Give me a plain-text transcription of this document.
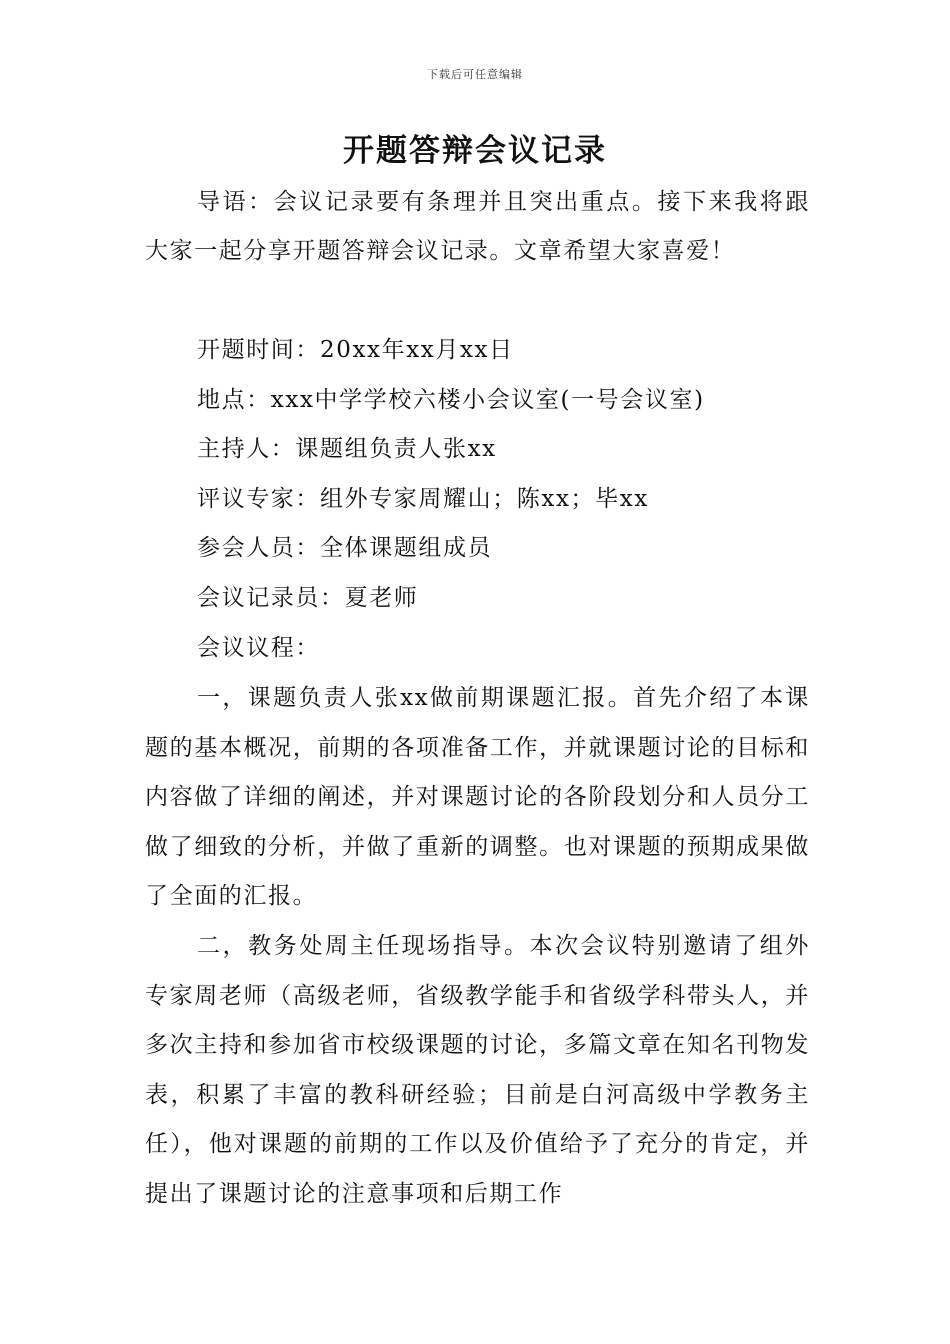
下载后可任意编辑
开题答辩会议记录

导语：会议记录要有条理并且突出重点。接下来我将跟大家一起分享开题答辩会议记录。文章希望大家喜爱！

开题时间：20xx年xx月xx日
地点：xxx中学学校六楼小会议室(一号会议室)
主持人：课题组负责人张xx
评议专家：组外专家周耀山；陈xx；毕xx
参会人员：全体课题组成员
会议记录员：夏老师
会议议程：

一，课题负责人张xx做前期课题汇报。首先介绍了本课题的基本概况，前期的各项准备工作，并就课题讨论的目标和内容做了详细的阐述，并对课题讨论的各阶段划分和人员分工做了细致的分析，并做了重新的调整。也对课题的预期成果做了全面的汇报。

二，教务处周主任现场指导。本次会议特别邀请了组外专家周老师（高级老师，省级教学能手和省级学科带头人，并多次主持和参加省市校级课题的讨论，多篇文章在知名刊物发表，积累了丰富的教科研经验；目前是白河高级中学教务主任），他对课题的前期的工作以及价值给予了充分的肯定，并提出了课题讨论的注意事项和后期工作
